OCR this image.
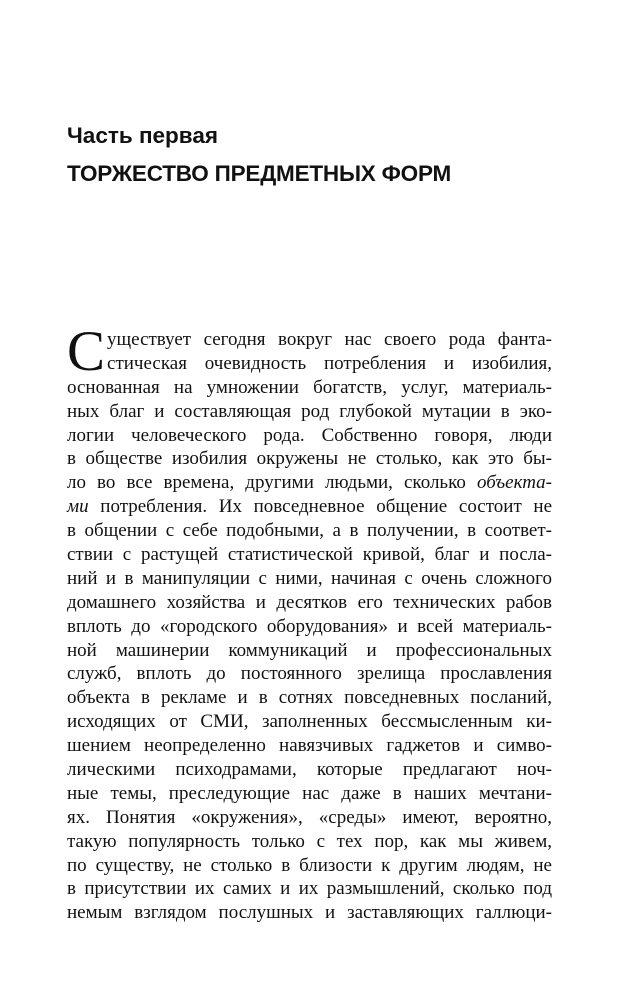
Часть первая
ТОРЖЕСТВО ПРЕДМЕТНЫХ ФОРМ
С уществует сегодня вокруг нас своего рода фанта-
стическая очевидность потребления и изобилия,
основанная на умножении богатств, услуг, материаль-
ных благ и составляющая род глубокой мутации в эко-
логии человеческого рода. Собственно говоря, люди
в обществе изобилия окружены не столько, как это бы-
ло во все времена, другими людьми, сколько объекта-
ми потребления. Их повседневное общение состоит не
в общении с себе подобными, а в получении, в соответ-
ствии с растущей статистической кривой, благ и посла-
ний и в манипуляции с ними, начиная с очень сложного
домашнего хозяйства и десятков его технических рабов
вплоть до «городского оборудования» и всей материаль-
ной машинерии коммуникаций и профессиональных
служб, вплоть до постоянного зрелища прославления
объекта в рекламе и в сотнях повседневных посланий,
исходящих от СМИ, заполненных бессмысленным ки-
шением неопределенно навязчивых гаджетов и симво-
лическими психодрамами, которые предлагают ноч-
ные темы, преследующие нас даже в наших мечтани-
ях. Понятия «окружения», «среды» имеют, вероятно,
такую популярность только с тех пор, как мы живем,
по существу, не столько в близости к другим людям, не
в присутствии их самих и их размышлений, сколько под
немым взглядом послушных и заставляющих галлюци-
